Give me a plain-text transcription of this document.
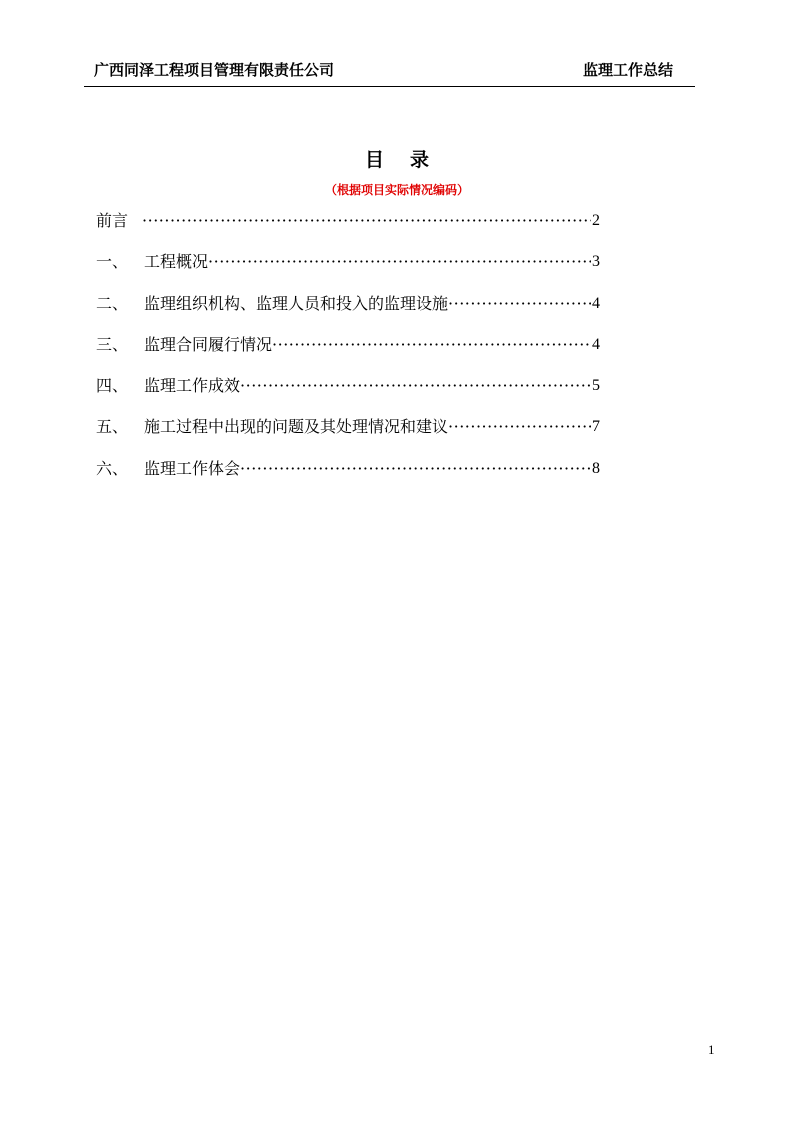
广西同泽工程项目管理有限责任公司	监理工作总结
目录
（根据项目实际情况编码）
前言 ·····	2
一、 工程概况 ·····	3
二、 监理组织机构、监理人员和投入的监理设施 ·····	4
三、 监理合同履行情况 ·····	4
四、 监理工作成效 ·····	5
五、 施工过程中出现的问题及其处理情况和建议 ·····	7
六、 监理工作体会 ·····	8
1
